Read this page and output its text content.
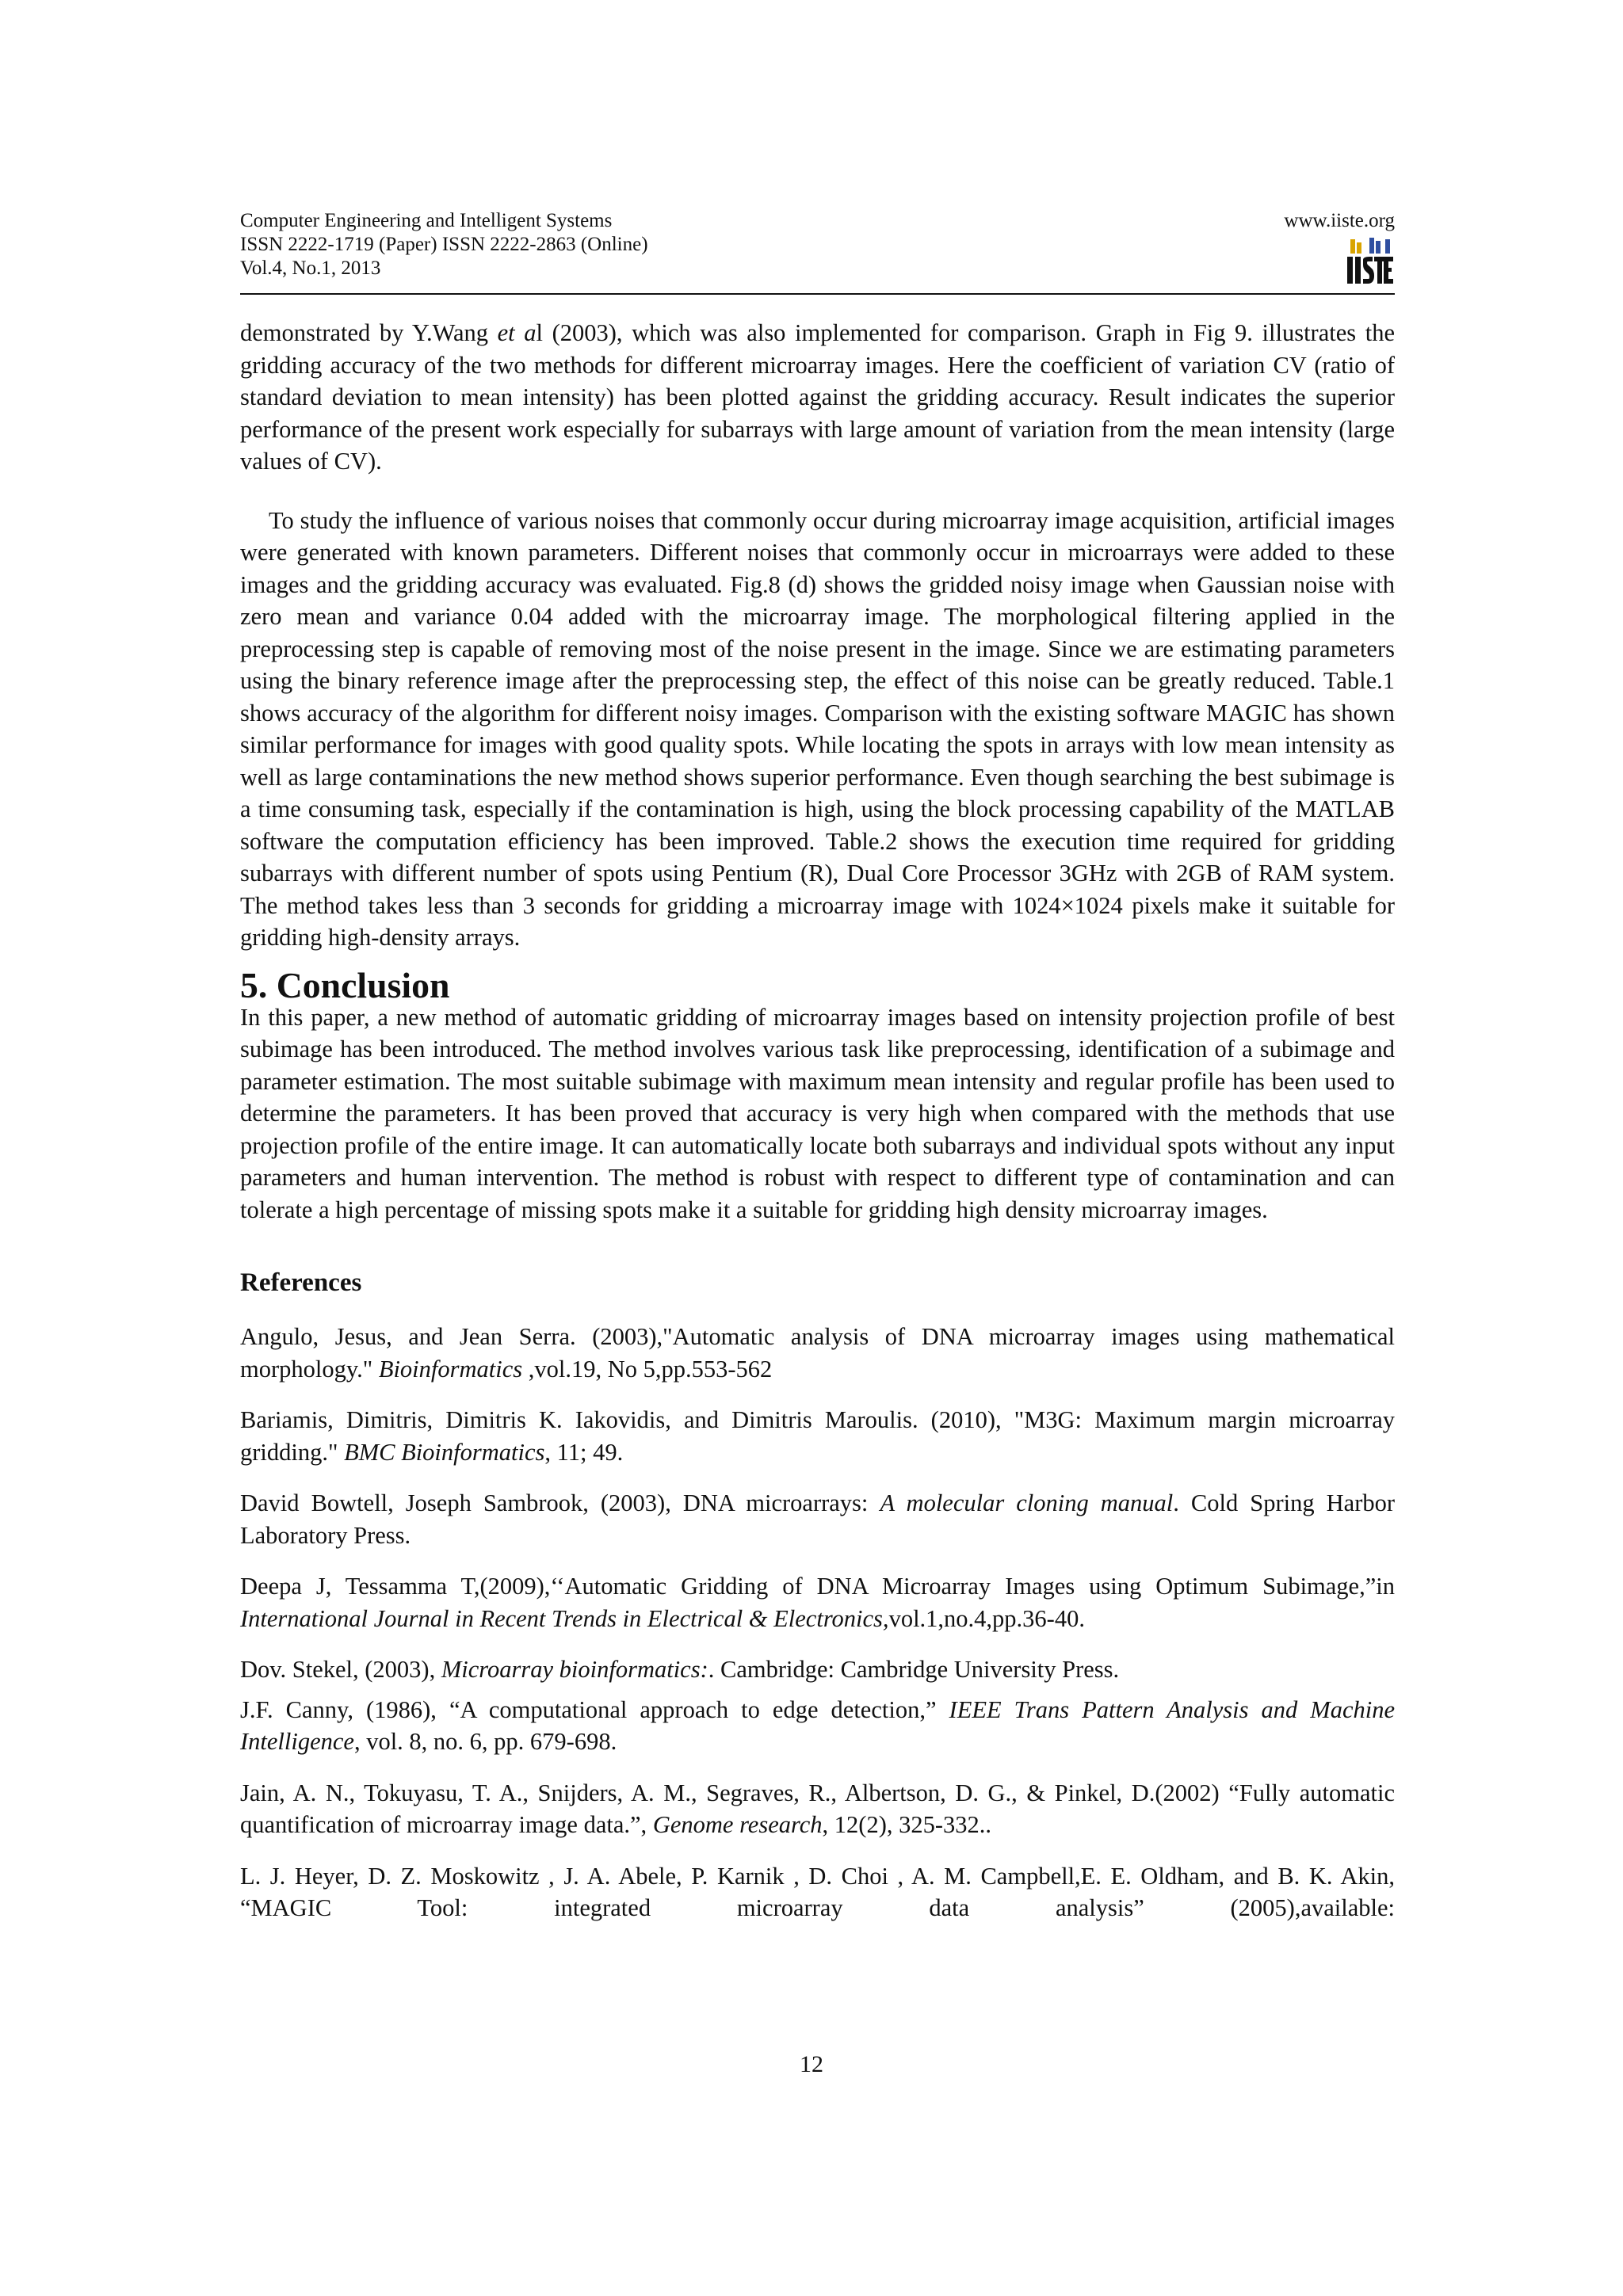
Computer Engineering and Intelligent Systems
ISSN 2222-1719 (Paper) ISSN 2222-2863 (Online)
Vol.4, No.1, 2013
www.iiste.org

demonstrated by Y.Wang et al (2003), which was also implemented for comparison. Graph in Fig 9. illustrates the gridding accuracy of the two methods for different microarray images. Here the coefficient of variation CV (ratio of standard deviation to mean intensity) has been plotted against the gridding accuracy. Result indicates the superior performance of the present work especially for subarrays with large amount of variation from the mean intensity (large values of CV).

To study the influence of various noises that commonly occur during microarray image acquisition, artificial images were generated with known parameters. Different noises that commonly occur in microarrays were added to these images and the gridding accuracy was evaluated. Fig.8 (d) shows the gridded noisy image when Gaussian noise with zero mean and variance 0.04 added with the microarray image. The morphological filtering applied in the preprocessing step is capable of removing most of the noise present in the image. Since we are estimating parameters using the binary reference image after the preprocessing step, the effect of this noise can be greatly reduced. Table.1 shows accuracy of the algorithm for different noisy images. Comparison with the existing software MAGIC has shown similar performance for images with good quality spots. While locating the spots in arrays with low mean intensity as well as large contaminations the new method shows superior performance. Even though searching the best subimage is a time consuming task, especially if the contamination is high, using the block processing capability of the MATLAB software the computation efficiency has been improved. Table.2 shows the execution time required for gridding subarrays with different number of spots using Pentium (R), Dual Core Processor 3GHz with 2GB of RAM system. The method takes less than 3 seconds for gridding a microarray image with 1024×1024 pixels make it suitable for gridding high-density arrays.

5. Conclusion

In this paper, a new method of automatic gridding of microarray images based on intensity projection profile of best subimage has been introduced. The method involves various task like preprocessing, identification of a subimage and parameter estimation. The most suitable subimage with maximum mean intensity and regular profile has been used to determine the parameters. It has been proved that accuracy is very high when compared with the methods that use projection profile of the entire image. It can automatically locate both subarrays and individual spots without any input parameters and human intervention. The method is robust with respect to different type of contamination and can tolerate a high percentage of missing spots make it a suitable for gridding high density microarray images.

References

Angulo, Jesus, and Jean Serra. (2003),"Automatic analysis of DNA microarray images using mathematical morphology." Bioinformatics ,vol.19, No 5,pp.553-562

Bariamis, Dimitris, Dimitris K. Iakovidis, and Dimitris Maroulis. (2010), "M3G: Maximum margin microarray gridding." BMC Bioinformatics, 11; 49.

David Bowtell, Joseph Sambrook, (2003), DNA microarrays: A molecular cloning manual. Cold Spring Harbor Laboratory Press.

Deepa J, Tessamma T,(2009),‘‘Automatic Gridding of DNA Microarray Images using Optimum Subimage,”in International Journal in Recent Trends in Electrical & Electronics,vol.1,no.4,pp.36-40.

Dov. Stekel, (2003), Microarray bioinformatics:. Cambridge: Cambridge University Press.

J.F. Canny, (1986), “A computational approach to edge detection,” IEEE Trans Pattern Analysis and Machine Intelligence, vol. 8, no. 6, pp. 679-698.

Jain, A. N., Tokuyasu, T. A., Snijders, A. M., Segraves, R., Albertson, D. G., & Pinkel, D.(2002) “Fully automatic quantification of microarray image data.”, Genome research, 12(2), 325-332..

L. J. Heyer, D. Z. Moskowitz , J. A. Abele, P. Karnik , D. Choi , A. M. Campbell,E. E. Oldham, and B. K. Akin, “MAGIC Tool: integrated microarray data analysis” (2005),available:

12
